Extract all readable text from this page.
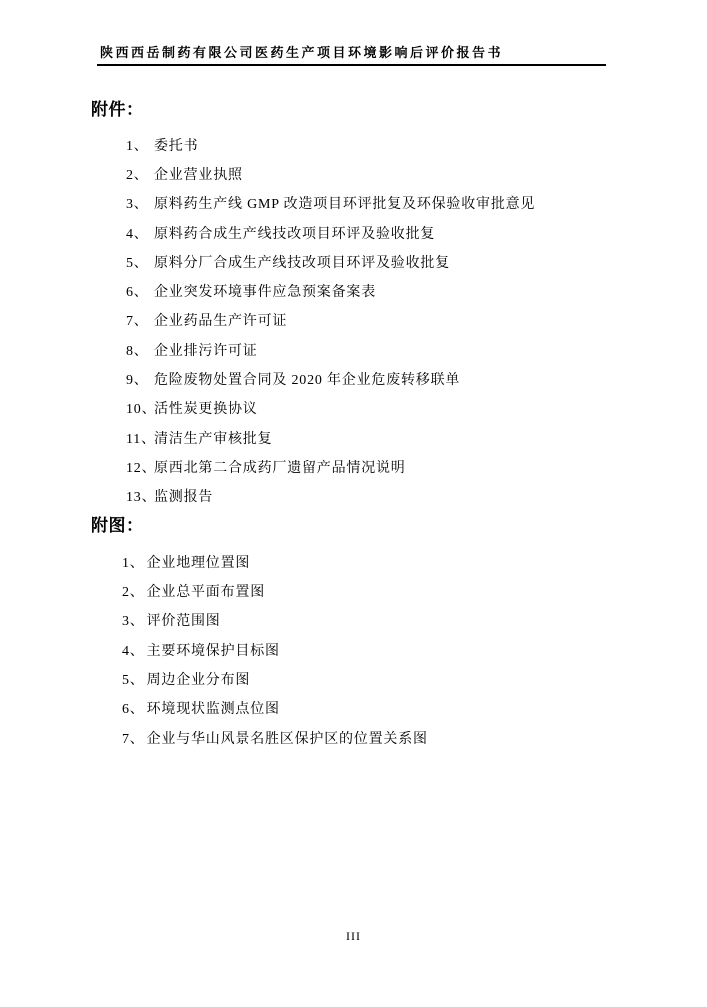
陕西西岳制药有限公司医药生产项目环境影响后评价报告书
附件：
1、 委托书
2、 企业营业执照
3、 原料药生产线 GMP 改造项目环评批复及环保验收审批意见
4、 原料药合成生产线技改项目环评及验收批复
5、 原料分厂合成生产线技改项目环评及验收批复
6、 企业突发环境事件应急预案备案表
7、 企业药品生产许可证
8、 企业排污许可证
9、 危险废物处置合同及 2020 年企业危废转移联单
10、
活性炭更换协议
11、
清洁生产审核批复
12、
原西北第二合成药厂遗留产品情况说明
13、
监测报告
附图：
1、 企业地理位置图
2、 企业总平面布置图
3、 评价范围图
4、 主要环境保护目标图
5、 周边企业分布图
6、 环境现状监测点位图
7、 企业与华山风景名胜区保护区的位置关系图
III
